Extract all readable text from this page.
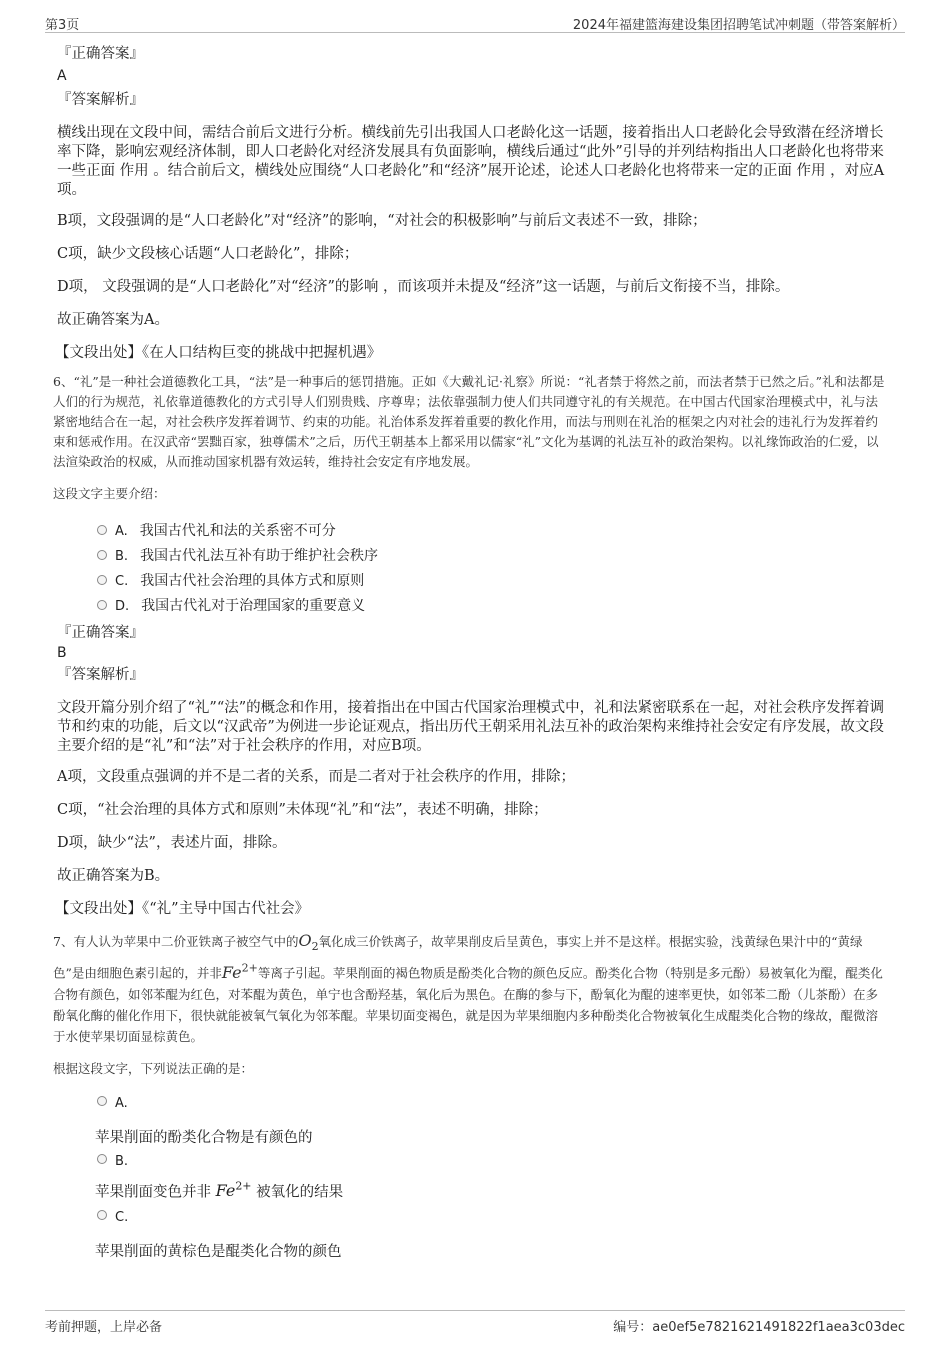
第3页	2024年福建篮海建设集团招聘笔试冲刺题（带答案解析）
『正确答案』
A
『答案解析』

横线出现在文段中间，需结合前后文进行分析。横线前先引出我国人口老龄化这一话题，接着指出人口老龄化会导致潜在经济增长率下降，影响宏观经济体制，即人口老龄化对经济发展具有负面影响，横线后通过“此外”引导的并列结构指出人口老龄化也将带来一些正面 作用 。结合前后文，横线处应围绕“人口老龄化”和“经济”展开论述，论述人口老龄化也将带来一定的正面 作用 ，对应A项。

B项，文段强调的是“人口老龄化”对“经济”的影响，“对社会的积极影响”与前后文表述不一致，排除；

C项，缺少文段核心话题“人口老龄化”，排除；

D项， 文段强调的是“人口老龄化”对“经济”的影响 ，而该项并未提及“经济”这一话题，与前后文衔接不当，排除。

故正确答案为A。

【文段出处】《在人口结构巨变的挑战中把握机遇》

6、“礼”是一种社会道德教化工具，“法”是一种事后的惩罚措施。正如《大戴礼记·礼察》所说：“礼者禁于将然之前，而法者禁于已然之后。”礼和法都是人们的行为规范，礼依靠道德教化的方式引导人们别贵贱、序尊卑；法依靠强制力使人们共同遵守礼的有关规范。在中国古代国家治理模式中，礼与法紧密地结合在一起，对社会秩序发挥着调节、约束的功能。礼治体系发挥着重要的教化作用，而法与刑则在礼治的框架之内对社会的违礼行为发挥着约束和惩戒作用。在汉武帝“罢黜百家，独尊儒术”之后，历代王朝基本上都采用以儒家“礼”文化为基调的礼法互补的政治架构。以礼缘饰政治的仁爱，以法渲染政治的权威，从而推动国家机器有效运转，维持社会安定有序地发展。

这段文字主要介绍：

A. 我国古代礼和法的关系密不可分
B. 我国古代礼法互补有助于维护社会秩序
C. 我国古代社会治理的具体方式和原则
D. 我国古代礼对于治理国家的重要意义
『正确答案』
B
『答案解析』

文段开篇分别介绍了“礼”“法”的概念和作用，接着指出在中国古代国家治理模式中，礼和法紧密联系在一起，对社会秩序发挥着调节和约束的功能，后文以“汉武帝”为例进一步论证观点，指出历代王朝采用礼法互补的政治架构来维持社会安定有序发展，故文段主要介绍的是“礼”和“法”对于社会秩序的作用，对应B项。

A项，文段重点强调的并不是二者的关系，而是二者对于社会秩序的作用，排除；

C项，“社会治理的具体方式和原则”未体现“礼”和“法”，表述不明确，排除；

D项，缺少“法”，表述片面，排除。

故正确答案为B。

【文段出处】《“礼”主导中国古代社会》

7、有人认为苹果中二价亚铁离子被空气中的$O_2$氧化成三价铁离子，故苹果削皮后呈黄色，事实上并不是这样。根据实验，浅黄绿色果汁中的“黄绿色”是由细胞色素引起的，并非$Fe^{2+}$等离子引起。苹果削面的褐色物质是酚类化合物的颜色反应。酚类化合物（特别是多元酚）易被氧化为醌，醌类化合物有颜色，如邻苯醌为红色，对苯醌为黄色，单宁也含酚羟基，氧化后为黑色。在酶的参与下，酚氧化为醌的速率更快，如邻苯二酚（儿茶酚）在多酚氧化酶的催化作用下，很快就能被氧气氧化为邻苯醌。苹果切面变褐色，就是因为苹果细胞内多种酚类化合物被氧化生成醌类化合物的缘故，醌微溶于水使苹果切面显棕黄色。

根据这段文字，下列说法正确的是：

A.
苹果削面的酚类化合物是有颜色的
B.
苹果削面变色并非 $Fe^{2+}$ 被氧化的结果
C.
苹果削面的黄棕色是醌类化合物的颜色
考前押题，上岸必备	编号：ae0ef5e7821621491822f1aea3c03dec
